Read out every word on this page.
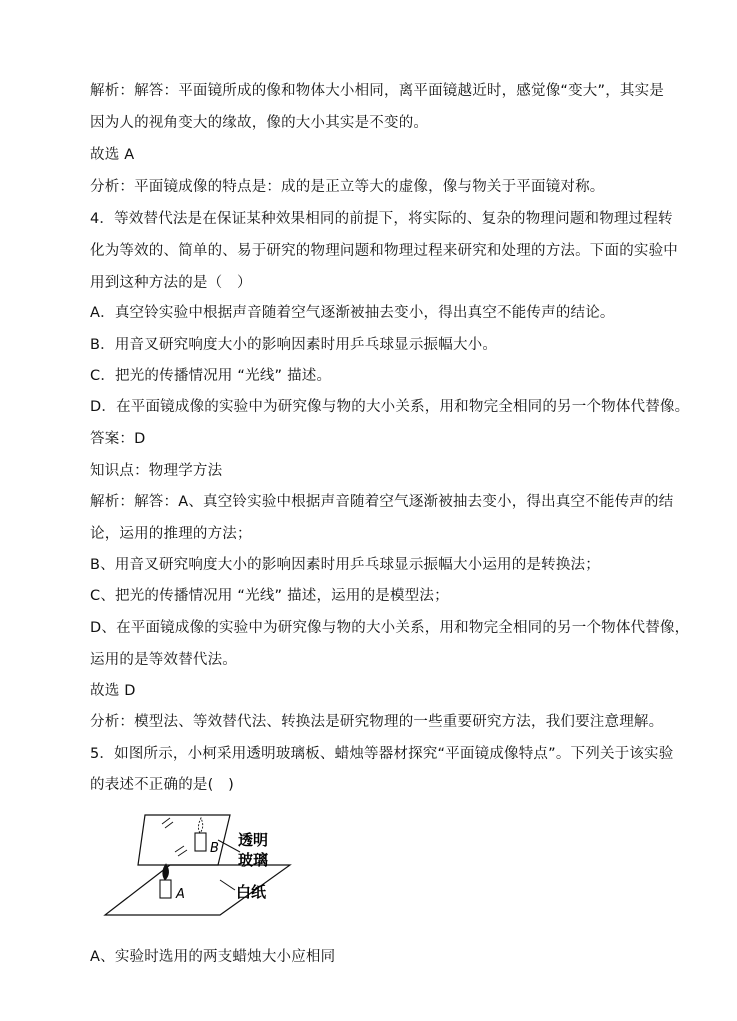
解析：解答：平面镜所成的像和物体大小相同，离平面镜越近时，感觉像“变大”，其实是
因为人的视角变大的缘故，像的大小其实是不变的。
故选 A
分析：平面镜成像的特点是：成的是正立等大的虚像，像与物关于平面镜对称。
4．等效替代法是在保证某种效果相同的前提下，将实际的、复杂的物理问题和物理过程转
化为等效的、简单的、易于研究的物理问题和物理过程来研究和处理的方法。下面的实验中
用到这种方法的是（　）
A．真空铃实验中根据声音随着空气逐渐被抽去变小，得出真空不能传声的结论。
B．用音叉研究响度大小的影响因素时用乒乓球显示振幅大小。
C．把光的传播情况用 “光线” 描述。
D．在平面镜成像的实验中为研究像与物的大小关系，用和物完全相同的另一个物体代替像。
答案：D
知识点：物理学方法
解析：解答：A、真空铃实验中根据声音随着空气逐渐被抽去变小，得出真空不能传声的结
论，运用的推理的方法；
B、用音叉研究响度大小的影响因素时用乒乓球显示振幅大小运用的是转换法；
C、把光的传播情况用 “光线” 描述，运用的是模型法；
D、在平面镜成像的实验中为研究像与物的大小关系，用和物完全相同的另一个物体代替像，
运用的是等效替代法。
故选 D
分析：模型法、等效替代法、转换法是研究物理的一些重要研究方法，我们要注意理解。
5．如图所示，小柯采用透明玻璃板、蜡烛等器材探究“平面镜成像特点”。下列关于该实验
的表述不正确的是(　)
B
A
透明
玻璃
白纸
A、实验时选用的两支蜡烛大小应相同
